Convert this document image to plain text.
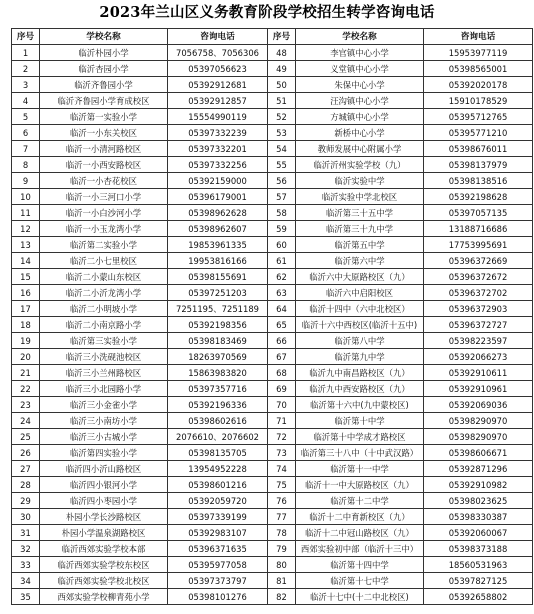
2023年兰山区义务教育阶段学校招生转学咨询电话
序号	学校名称	咨询电话	序号	学校名称	咨询电话
1	临沂朴园小学	7056758、7056306	48	李官镇中心小学	15953977119
2	临沂杏园小学	05397056623	49	义堂镇中心小学	05398565001
3	临沂齐鲁园小学	05392912681	50	朱保中心小学	05392020178
4	临沂齐鲁园小学育成校区	05392912857	51	汪沟镇中心小学	15910178529
5	临沂第一实验小学	15554990119	52	方城镇中心小学	05395712765
6	临沂一小东关校区	05397332239	53	新桥中心小学	05395771210
7	临沂一小清河路校区	05397332201	54	教师发展中心附属小学	05398676011
8	临沂一小西安路校区	05397332256	55	临沂沂州实验学校（九）	05398137979
9	临沂一小杏花校区	05392159000	56	临沂实验中学	05398138516
10	临沂一小三河口小学	05396179001	57	临沂实验中学北校区	05392198628
11	临沂一小白沙河小学	05398962628	58	临沂第三十五中学	05397057135
12	临沂一小玉龙湾小学	05398962607	59	临沂第三十九中学	13188716686
13	临沂第二实验小学	19853961335	60	临沂第五中学	17753995691
14	临沂二小七里校区	19953816166	61	临沂第六中学	05396372669
15	临沂二小蒙山东校区	05398155691	62	临沂六中大原路校区（九）	05396372672
16	临沂二小沂龙湾小学	05397251203	63	临沂六中启阳校区	05396372702
17	临沂二小明坡小学	7251195、7251189	64	临沂十四中（六中北校区）	05396372903
18	临沂二小南京路小学	05392198356	65	临沂十六中西校区(临沂十五中)	05396372727
19	临沂第三实验小学	05398183469	66	临沂第八中学	05398223597
20	临沂三小洗砚池校区	18263970569	67	临沂第九中学	05392066273
21	临沂三小兰州路校区	15863983820	68	临沂九中南昌路校区（九）	05392910611
22	临沂三小北园路小学	05397357716	69	临沂九中西安路校区（九）	05392910961
23	临沂三小金雀小学	05392196336	70	临沂第十六中(九中蒙校区)	05392069036
24	临沂三小南坊小学	05398602616	71	临沂第十中学	05398290970
25	临沂三小古城小学	2076610、2076602	72	临沂第十中学成才路校区	05398290970
26	临沂第四实验小学	05398135705	73	临沂第三十八中（十中武汉路）	05398606671
27	临沂四小沂山路校区	13954952228	74	临沂第十一中学	05392871296
28	临沂四小银河小学	05398601216	75	临沂十一中大原路校区（九）	05392910982
29	临沂四小枣园小学	05392059720	76	临沂第十二中学	05398023625
30	朴园小学长沙路校区	05397339199	77	临沂十二中育新校区（九）	05398330387
31	朴园小学温泉湖路校区	05392983107	78	临沂十二中冠山路校区（九）	05392060067
32	临沂西郊实验学校本部	05396371635	79	西郊实验初中部（临沂十三中）	05398373188
33	临沂西郊实验学校东校区	05395977058	80	临沂第十四中学	18560531963
34	临沂西郊实验学校北校区	05397373797	81	临沂第十七中学	05397827125
35	西郊实验学校柳青苑小学	05398101276	82	临沂十七中(十二中北校区)	05392658802
